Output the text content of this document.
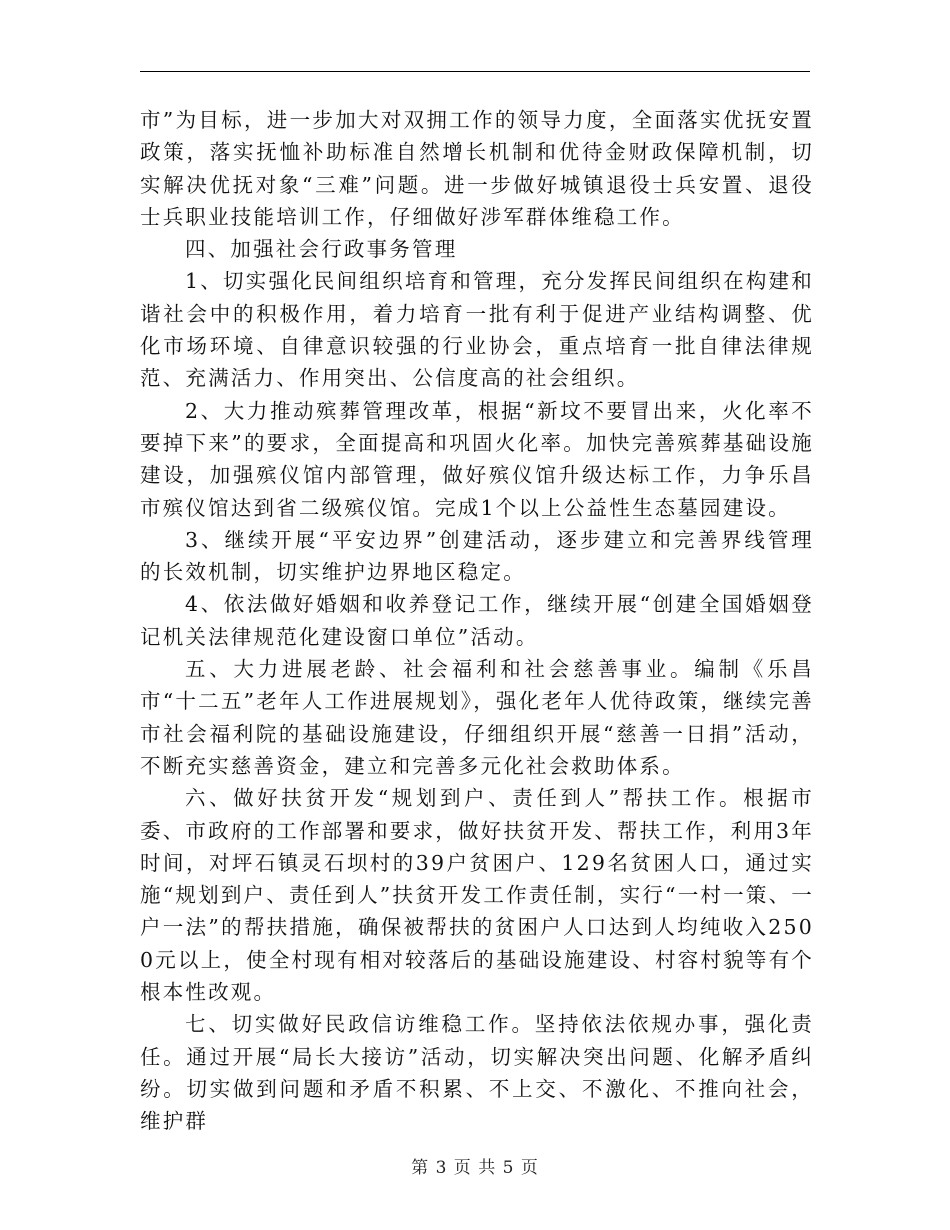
市”为目标，进一步加大对双拥工作的领导力度，全面落实优抚安置政策，落实抚恤补助标准自然增长机制和优待金财政保障机制，切实解决优抚对象“三难”问题。进一步做好城镇退役士兵安置、退役士兵职业技能培训工作，仔细做好涉军群体维稳工作。

四、加强社会行政事务管理

1、切实强化民间组织培育和管理，充分发挥民间组织在构建和谐社会中的积极作用，着力培育一批有利于促进产业结构调整、优化市场环境、自律意识较强的行业协会，重点培育一批自律法律规范、充满活力、作用突出、公信度高的社会组织。

2、大力推动殡葬管理改革，根据“新坟不要冒出来，火化率不要掉下来”的要求，全面提高和巩固火化率。加快完善殡葬基础设施建设，加强殡仪馆内部管理，做好殡仪馆升级达标工作，力争乐昌市殡仪馆达到省二级殡仪馆。完成1个以上公益性生态墓园建设。

3、继续开展“平安边界”创建活动，逐步建立和完善界线管理的长效机制，切实维护边界地区稳定。

4、依法做好婚姻和收养登记工作，继续开展“创建全国婚姻登记机关法律规范化建设窗口单位”活动。

五、大力进展老龄、社会福利和社会慈善事业。编制《乐昌市“十二五”老年人工作进展规划》，强化老年人优待政策，继续完善市社会福利院的基础设施建设，仔细组织开展“慈善一日捐”活动，不断充实慈善资金，建立和完善多元化社会救助体系。

六、做好扶贫开发“规划到户、责任到人”帮扶工作。根据市委、市政府的工作部署和要求，做好扶贫开发、帮扶工作，利用3年时间，对坪石镇灵石坝村的39户贫困户、129名贫困人口，通过实施“规划到户、责任到人”扶贫开发工作责任制，实行“一村一策、一户一法”的帮扶措施，确保被帮扶的贫困户人口达到人均纯收入2500元以上，使全村现有相对较落后的基础设施建设、村容村貌等有个根本性改观。

七、切实做好民政信访维稳工作。坚持依法依规办事，强化责任。通过开展“局长大接访”活动，切实解决突出问题、化解矛盾纠纷。切实做到问题和矛盾不积累、不上交、不激化、不推向社会，维护群

第 3 页 共 5 页
